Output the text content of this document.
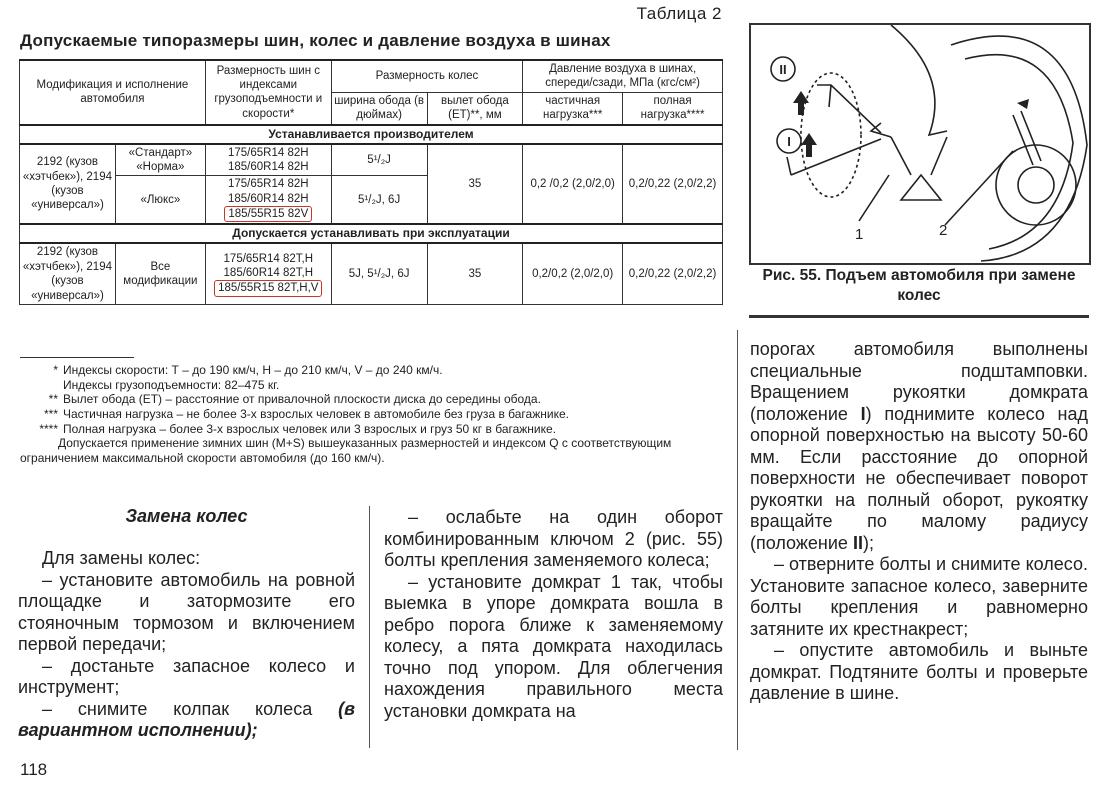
Таблица 2
Допускаемые типоразмеры шин, колес и давление воздуха в шинах
Модификация и исполнение автомобиля		Размерность шин с индексами грузоподъемности и скорости*	Размерность колес		Давление воздуха в шинах, спереди/сзади, МПа (кгс/см²)	
			ширина обода (в дюймах)	вылет обода (ЕТ)**, мм	частичная нагрузка***	полная нагрузка****
Устанавливается производителем						
2192 (кузов «хэтчбек»), 2194 (кузов «универсал»)	«Стандарт» «Норма»	175/65R14 82H
185/60R14 82H	5¹/₂J	35	0,2 /0,2 (2,0/2,0)	0,2/0,22 (2,0/2,2)
	«Люкс»	175/65R14 82H
185/60R14 82H
185/55R15 82V	5¹/₂J, 6J			
Допускается устанавливать при эксплуатации						
2192 (кузов «хэтчбек»), 2194 (кузов «универсал»)	Все модификации	175/65R14 82Т,Н
185/60R14 82Т,Н
185/55R15 82Т,Н,V	5J, 5¹/₂J, 6J	35	0,2/0,2 (2,0/2,0)	0,2/0,22 (2,0/2,2)
* Индексы скорости: Т – до 190 км/ч, Н – до 210 км/ч, V – до 240 км/ч.
Индексы грузоподъемности: 82–475 кг.
** Вылет обода (ЕТ) – расстояние от привалочной плоскости диска до середины обода.
*** Частичная нагрузка – не более 3-х взрослых человек в автомобиле без груза в багажнике.
**** Полная нагрузка – более 3-х взрослых человек или 3 взрослых и груз 50 кг в багажнике.
Допускается применение зимних шин (M+S) вышеуказанных размерностей и индексом Q с соответствующим ограничением максимальной скорости автомобиля (до 160 км/ч).
II
I
1	2
Рис. 55. Подъем автомобиля при замене колес
Замена колес

Для замены колес:

– установите автомобиль на ровной площадке и затормозите его стояночным тормозом и включением первой передачи;

– достаньте запасное колесо и инструмент;

– снимите колпак колеса (в вариантном исполнении);

– ослабьте на один оборот комбинированным ключом 2 (рис. 55) болты крепления заменяемого колеса;

– установите домкрат 1 так, чтобы выемка в упоре домкрата вошла в ребро порога ближе к заменяемому колесу, а пята домкрата находилась точно под упором. Для облегчения нахождения правильного места установки домкрата на

порогах автомобиля выполнены специальные подштамповки. Вращением рукоятки домкрата (положение I) поднимите колесо над опорной поверхностью на высоту 50-60 мм. Если расстояние до опорной поверхности не обеспечивает поворот рукоятки на полный оборот, рукоятку вращайте по малому радиусу (положение II);

– отверните болты и снимите колесо. Установите запасное колесо, заверните болты крепления и равномерно затяните их крестнакрест;

– опустите автомобиль и выньте домкрат. Подтяните болты и проверьте давление в шине.

118
